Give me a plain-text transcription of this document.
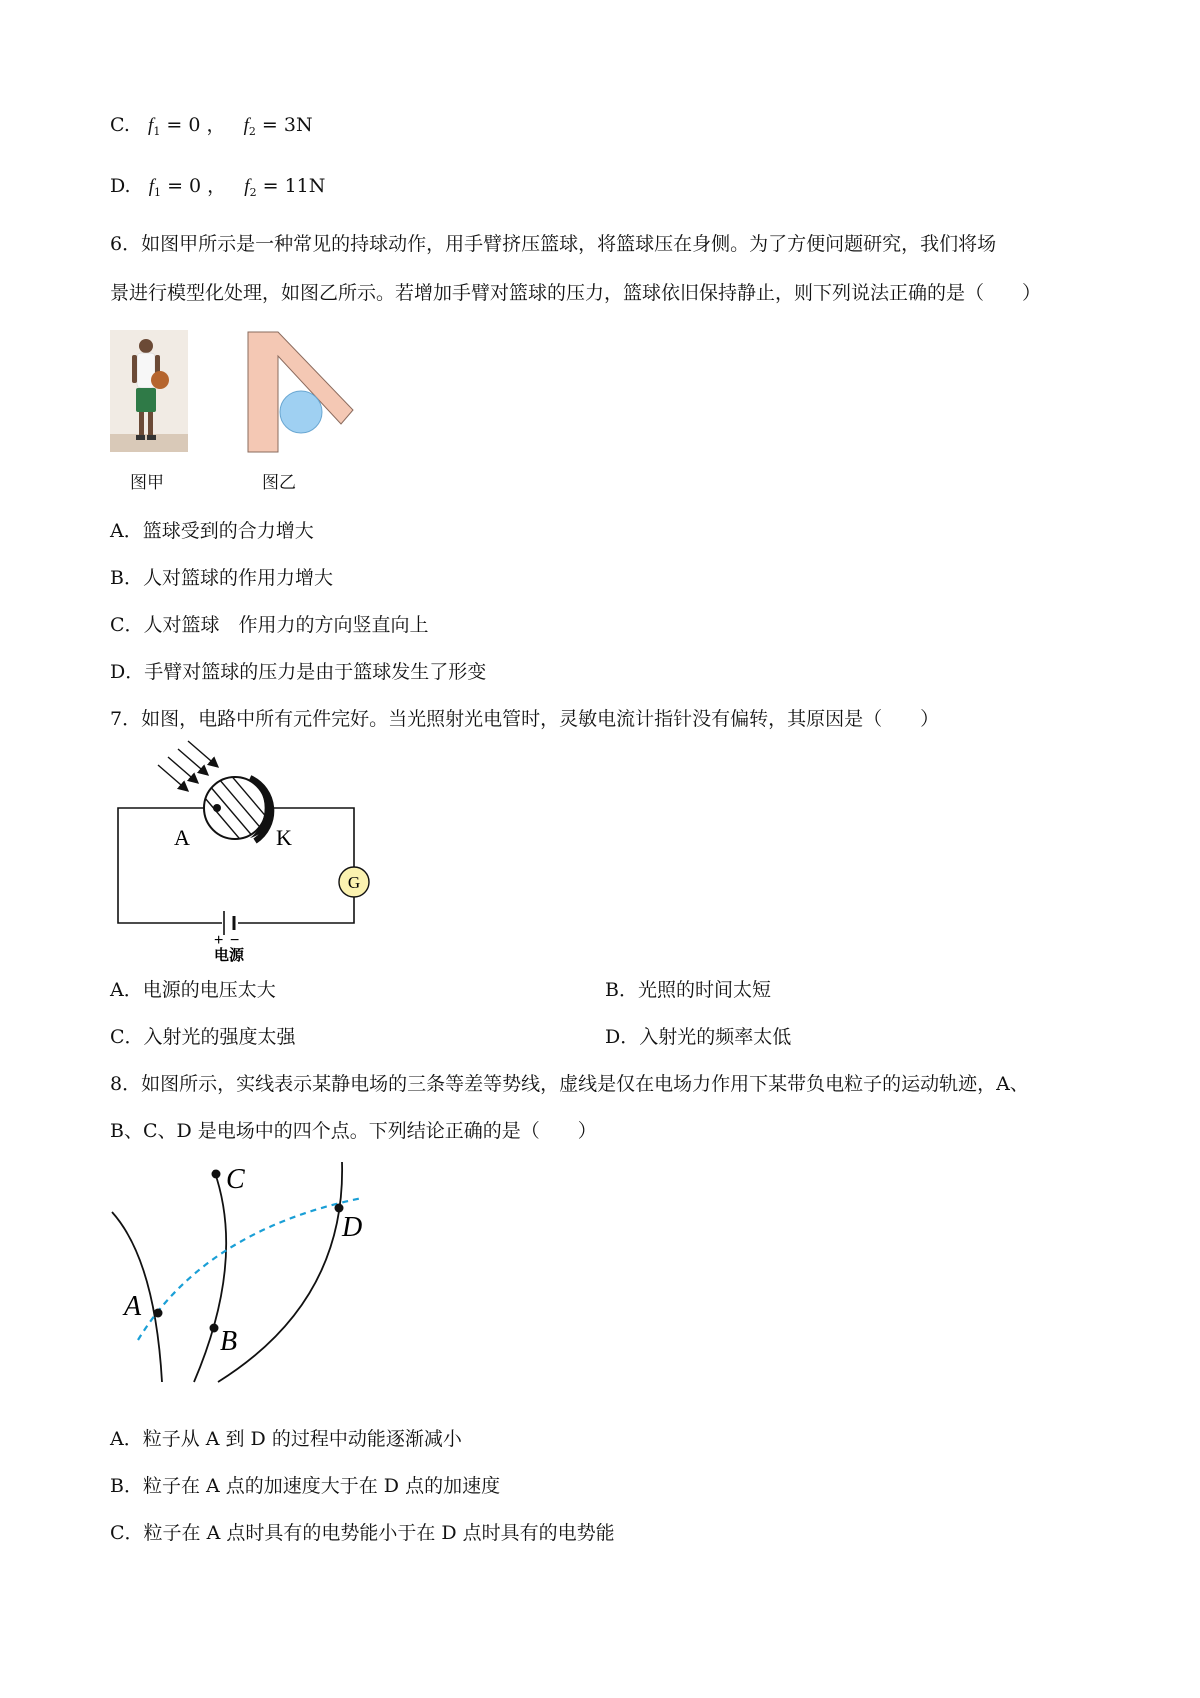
C. $f_1 = 0$ ， $f_2 = 3N$
D. $f_1 = 0$ ， $f_2 = 11N$
6．如图甲所示是一种常见的持球动作，用手臂挤压篮球，将篮球压在身侧。为了方便问题研究，我们将场
景进行模型化处理，如图乙所示。若增加手臂对篮球的压力，篮球依旧保持静止，则下列说法正确的是（　　）
图甲	图乙
A．篮球受到的合力增大
B．人对篮球的作用力增大
C．人对篮球　作用力的方向竖直向上
D．手臂对篮球的压力是由于篮球发生了形变
7．如图，电路中所有元件完好。当光照射光电管时，灵敏电流计指针没有偏转，其原因是（　　）
G
A	K
+ −
电源
A．电源的电压太大	B．光照的时间太短
C．入射光的强度太强	D．入射光的频率太低
8．如图所示，实线表示某静电场的三条等差等势线，虚线是仅在电场力作用下某带负电粒子的运动轨迹，A、
B、C、D 是电场中的四个点。下列结论正确的是（　　）
A
B
C
D
A．粒子从 A 到 D 的过程中动能逐渐减小
B．粒子在 A 点的加速度大于在 D 点的加速度
C．粒子在 A 点时具有的电势能小于在 D 点时具有的电势能
